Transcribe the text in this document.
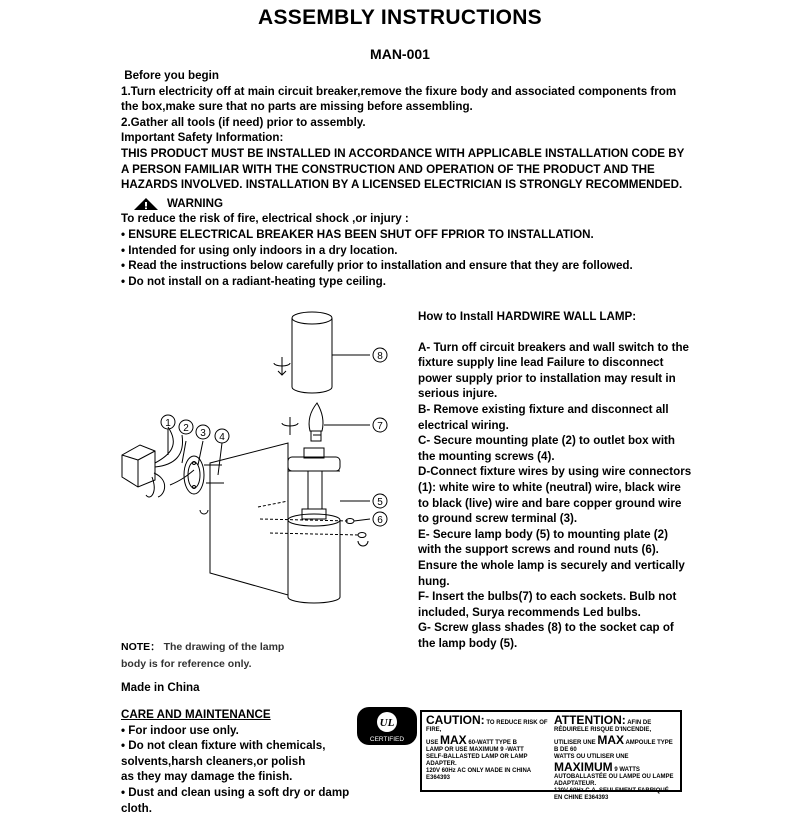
ASSEMBLY INSTRUCTIONS
MAN-001

Before you begin

1.Turn electricity off at main circuit breaker,remove the fixure body and associated components from the box,make sure that no parts are missing before assembling.

2.Gather all tools (if need) prior to assembly.

Important Safety Information:

THIS PRODUCT MUST BE INSTALLED IN ACCORDANCE WITH APPLICABLE INSTALLATION CODE BY A PERSON FAMILIAR WITH THE CONSTRUCTION AND OPERATION OF THE PRODUCT AND THE HAZARDS INVOLVED. INSTALLATION BY A LICENSED ELECTRICIAN IS STRONGLY RECOMMENDED.

WARNING

To reduce the risk of fire, electrical shock ,or injury :

• ENSURE ELECTRICAL BREAKER HAS BEEN SHUT OFF FPRIOR TO INSTALLATION.

• Intended for using only indoors in a dry location.

• Read the instructions below carefully prior to installation and ensure that they are followed.

• Do not install on a radiant-heating type ceiling.

1 2 3 4
5
6
7
8

How to Install HARDWIRE WALL LAMP:

A- Turn off circuit breakers and wall switch to the fixture supply line lead Failure to disconnect power supply prior to installation may result in serious injure.

B- Remove existing fixture and disconnect all electrical wiring.

C- Secure mounting plate (2) to outlet box with the mounting screws (4).

D-Connect fixture wires by using wire connectors (1): white wire to white (neutral) wire, black wire to black (live) wire and bare copper ground wire to ground screw terminal (3).

E- Secure lamp body (5) to mounting plate (2) with the support screws and round nuts (6). Ensure the whole lamp is securely and vertically hung.

F- Insert the bulbs(7) to each sockets. Bulb not included, Surya recommends Led bulbs.

G- Screw glass shades (8) to the socket cap of the lamp body (5).

NOTE： The drawing of the lamp
body is for reference only.
Made in China

CARE AND MAINTENANCE

• For indoor use only.

• Do not clean fixture with chemicals, solvents,harsh cleaners,or polish

as they may damage the finish.

• Dust and clean using a soft dry or damp cloth.

UL
CERTIFIED
CAUTION: TO REDUCE RISK OF FIRE,
USE MAX 60-WATT TYPE B
LAMP OR USE MAXIMUM 9 -WATT
SELF-BALLASTED LAMP OR LAMP ADAPTER.
120V 60Hz AC ONLY MADE IN CHINA E364393
ATTENTION: AFIN DE RÉDUIRELE RISQUE D'INCENDIE,
UTILISER UNE MAX AMPOULE TYPE B DE 60
WATTS OU UTILISER UNE MAXIMUM 9 WATTS
AUTOBALLASTÉE OU LAMPE OU LAMPE ADAPTATEUR.
120V 60Hz C.A. SEULEMENT FABRIQUÉ EN CHINE E364393
